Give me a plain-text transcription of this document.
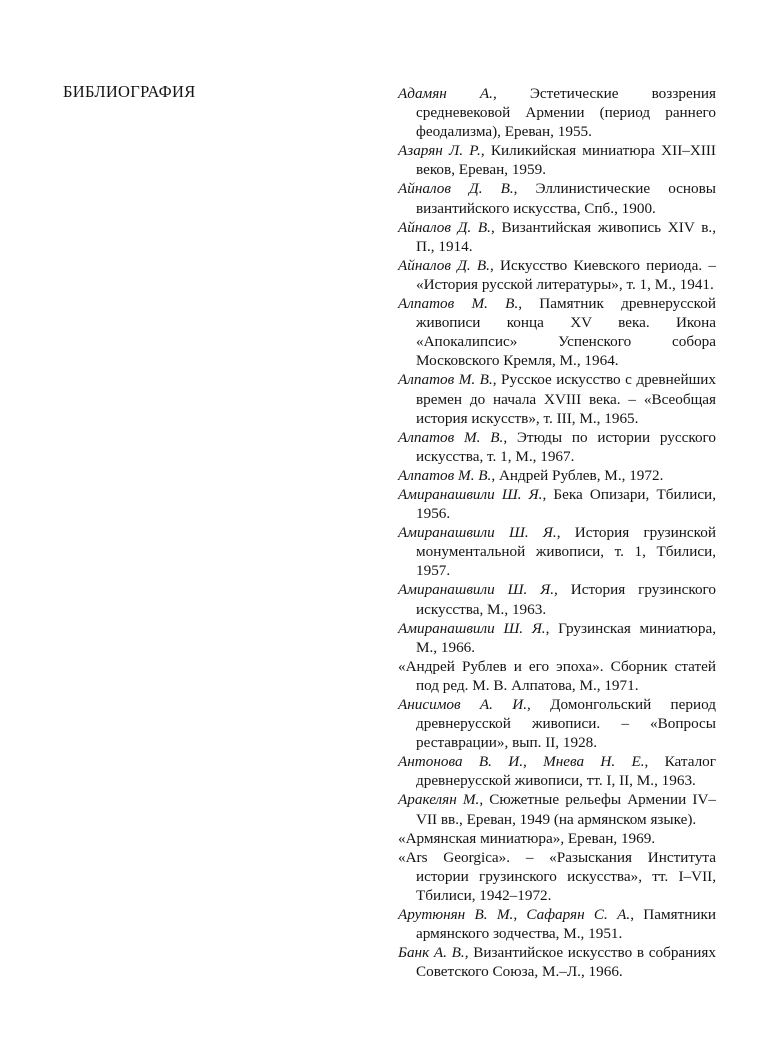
БИБЛИОГРАФИЯ	Адамян А., Эстетические воззрения средневековой Армении (период раннего феодализма), Ереван, 1955.
Азарян Л. Р., Киликийская миниатюра XII–XIII веков, Ереван, 1959.
Айналов Д. В., Эллинистические основы византийского искусства, Спб., 1900.
Айналов Д. В., Византийская живопись XIV в., П., 1914.
Айналов Д. В., Искусство Киевского периода. – «История русской литературы», т. 1, М., 1941.
Алпатов М. В., Памятник древнерусской живописи конца XV века. Икона «Апокалипсис» Успенского собора Московского Кремля, М., 1964.
Алпатов М. В., Русское искусство с древнейших времен до начала XVIII века. – «Всеобщая история искусств», т. III, М., 1965.
Алпатов М. В., Этюды по истории русского искусства, т. 1, М., 1967.
Алпатов М. В., Андрей Рублев, М., 1972.
Амиранашвили Ш. Я., Бека Опизари, Тбилиси, 1956.
Амиранашвили Ш. Я., История грузинской монументальной живописи, т. 1, Тбилиси, 1957.
Амиранашвили Ш. Я., История грузинского искусства, М., 1963.
Амиранашвили Ш. Я., Грузинская миниатюра, М., 1966.
«Андрей Рублев и его эпоха». Сборник статей под ред. М. В. Алпатова, М., 1971.
Анисимов А. И., Домонгольский период древнерусской живописи. – «Вопросы реставрации», вып. II, 1928.
Антонова В. И., Мнева Н. Е., Каталог древнерусской живописи, тт. I, II, М., 1963.
Аракелян М., Сюжетные рельефы Армении IV–VII вв., Ереван, 1949 (на армянском языке).
«Армянская миниатюра», Ереван, 1969.
«Ars Georgica». – «Разыскания Института истории грузинского искусства», тт. I–VII, Тбилиси, 1942–1972.
Арутюнян В. М., Сафарян С. А., Памятники армянского зодчества, М., 1951.
Банк А. В., Византийское искусство в собраниях Советского Союза, М.–Л., 1966.
